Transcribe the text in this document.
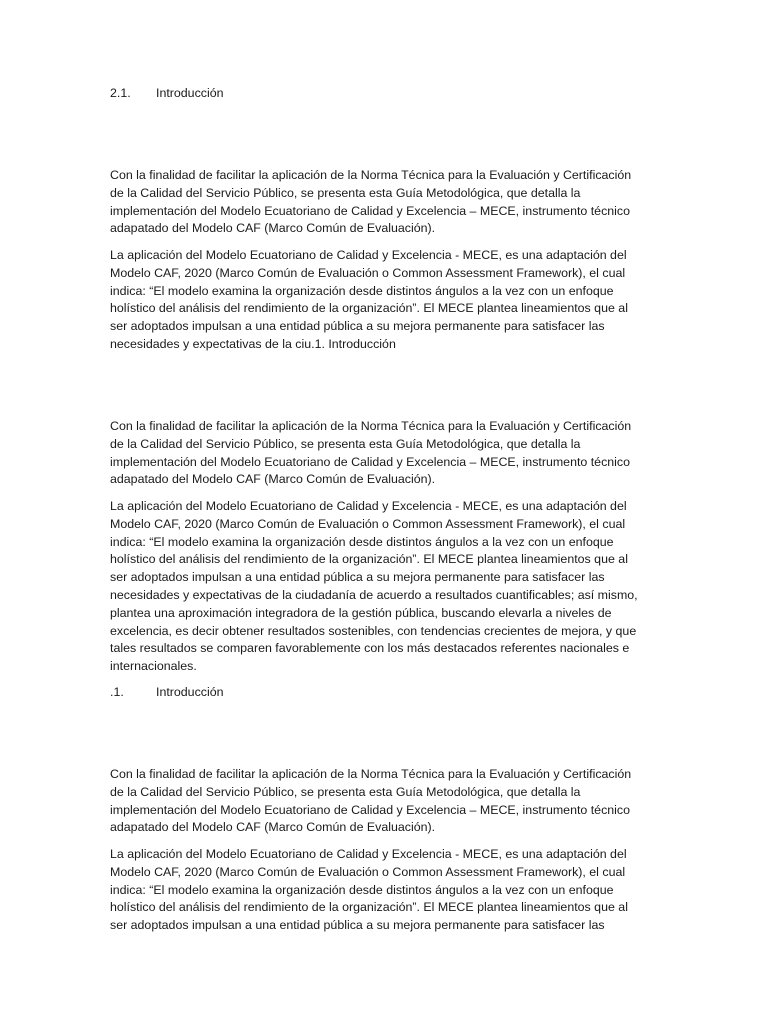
2.1. Introducción
Con la finalidad de facilitar la aplicación de la Norma Técnica para la Evaluación y Certificación
de la Calidad del Servicio Público, se presenta esta Guía Metodológica, que detalla la
implementación del Modelo Ecuatoriano de Calidad y Excelencia – MECE, instrumento técnico
adapatado del Modelo CAF (Marco Común de Evaluación).
La aplicación del Modelo Ecuatoriano de Calidad y Excelencia - MECE, es una adaptación del
Modelo CAF, 2020 (Marco Común de Evaluación o Common Assessment Framework), el cual
indica: “El modelo examina la organización desde distintos ángulos a la vez con un enfoque
holístico del análisis del rendimiento de la organización”. El MECE plantea lineamientos que al
ser adoptados impulsan a una entidad pública a su mejora permanente para satisfacer las
necesidades y expectativas de la ciu.1. Introducción
Con la finalidad de facilitar la aplicación de la Norma Técnica para la Evaluación y Certificación
de la Calidad del Servicio Público, se presenta esta Guía Metodológica, que detalla la
implementación del Modelo Ecuatoriano de Calidad y Excelencia – MECE, instrumento técnico
adapatado del Modelo CAF (Marco Común de Evaluación).
La aplicación del Modelo Ecuatoriano de Calidad y Excelencia - MECE, es una adaptación del
Modelo CAF, 2020 (Marco Común de Evaluación o Common Assessment Framework), el cual
indica: “El modelo examina la organización desde distintos ángulos a la vez con un enfoque
holístico del análisis del rendimiento de la organización”. El MECE plantea lineamientos que al
ser adoptados impulsan a una entidad pública a su mejora permanente para satisfacer las
necesidades y expectativas de la ciudadanía de acuerdo a resultados cuantificables; así mismo,
plantea una aproximación integradora de la gestión pública, buscando elevarla a niveles de
excelencia, es decir obtener resultados sostenibles, con tendencias crecientes de mejora, y que
tales resultados se comparen favorablemente con los más destacados referentes nacionales e
internacionales.
.1.	Introducción
Con la finalidad de facilitar la aplicación de la Norma Técnica para la Evaluación y Certificación
de la Calidad del Servicio Público, se presenta esta Guía Metodológica, que detalla la
implementación del Modelo Ecuatoriano de Calidad y Excelencia – MECE, instrumento técnico
adapatado del Modelo CAF (Marco Común de Evaluación).
La aplicación del Modelo Ecuatoriano de Calidad y Excelencia - MECE, es una adaptación del
Modelo CAF, 2020 (Marco Común de Evaluación o Common Assessment Framework), el cual
indica: “El modelo examina la organización desde distintos ángulos a la vez con un enfoque
holístico del análisis del rendimiento de la organización”. El MECE plantea lineamientos que al
ser adoptados impulsan a una entidad pública a su mejora permanente para satisfacer las
